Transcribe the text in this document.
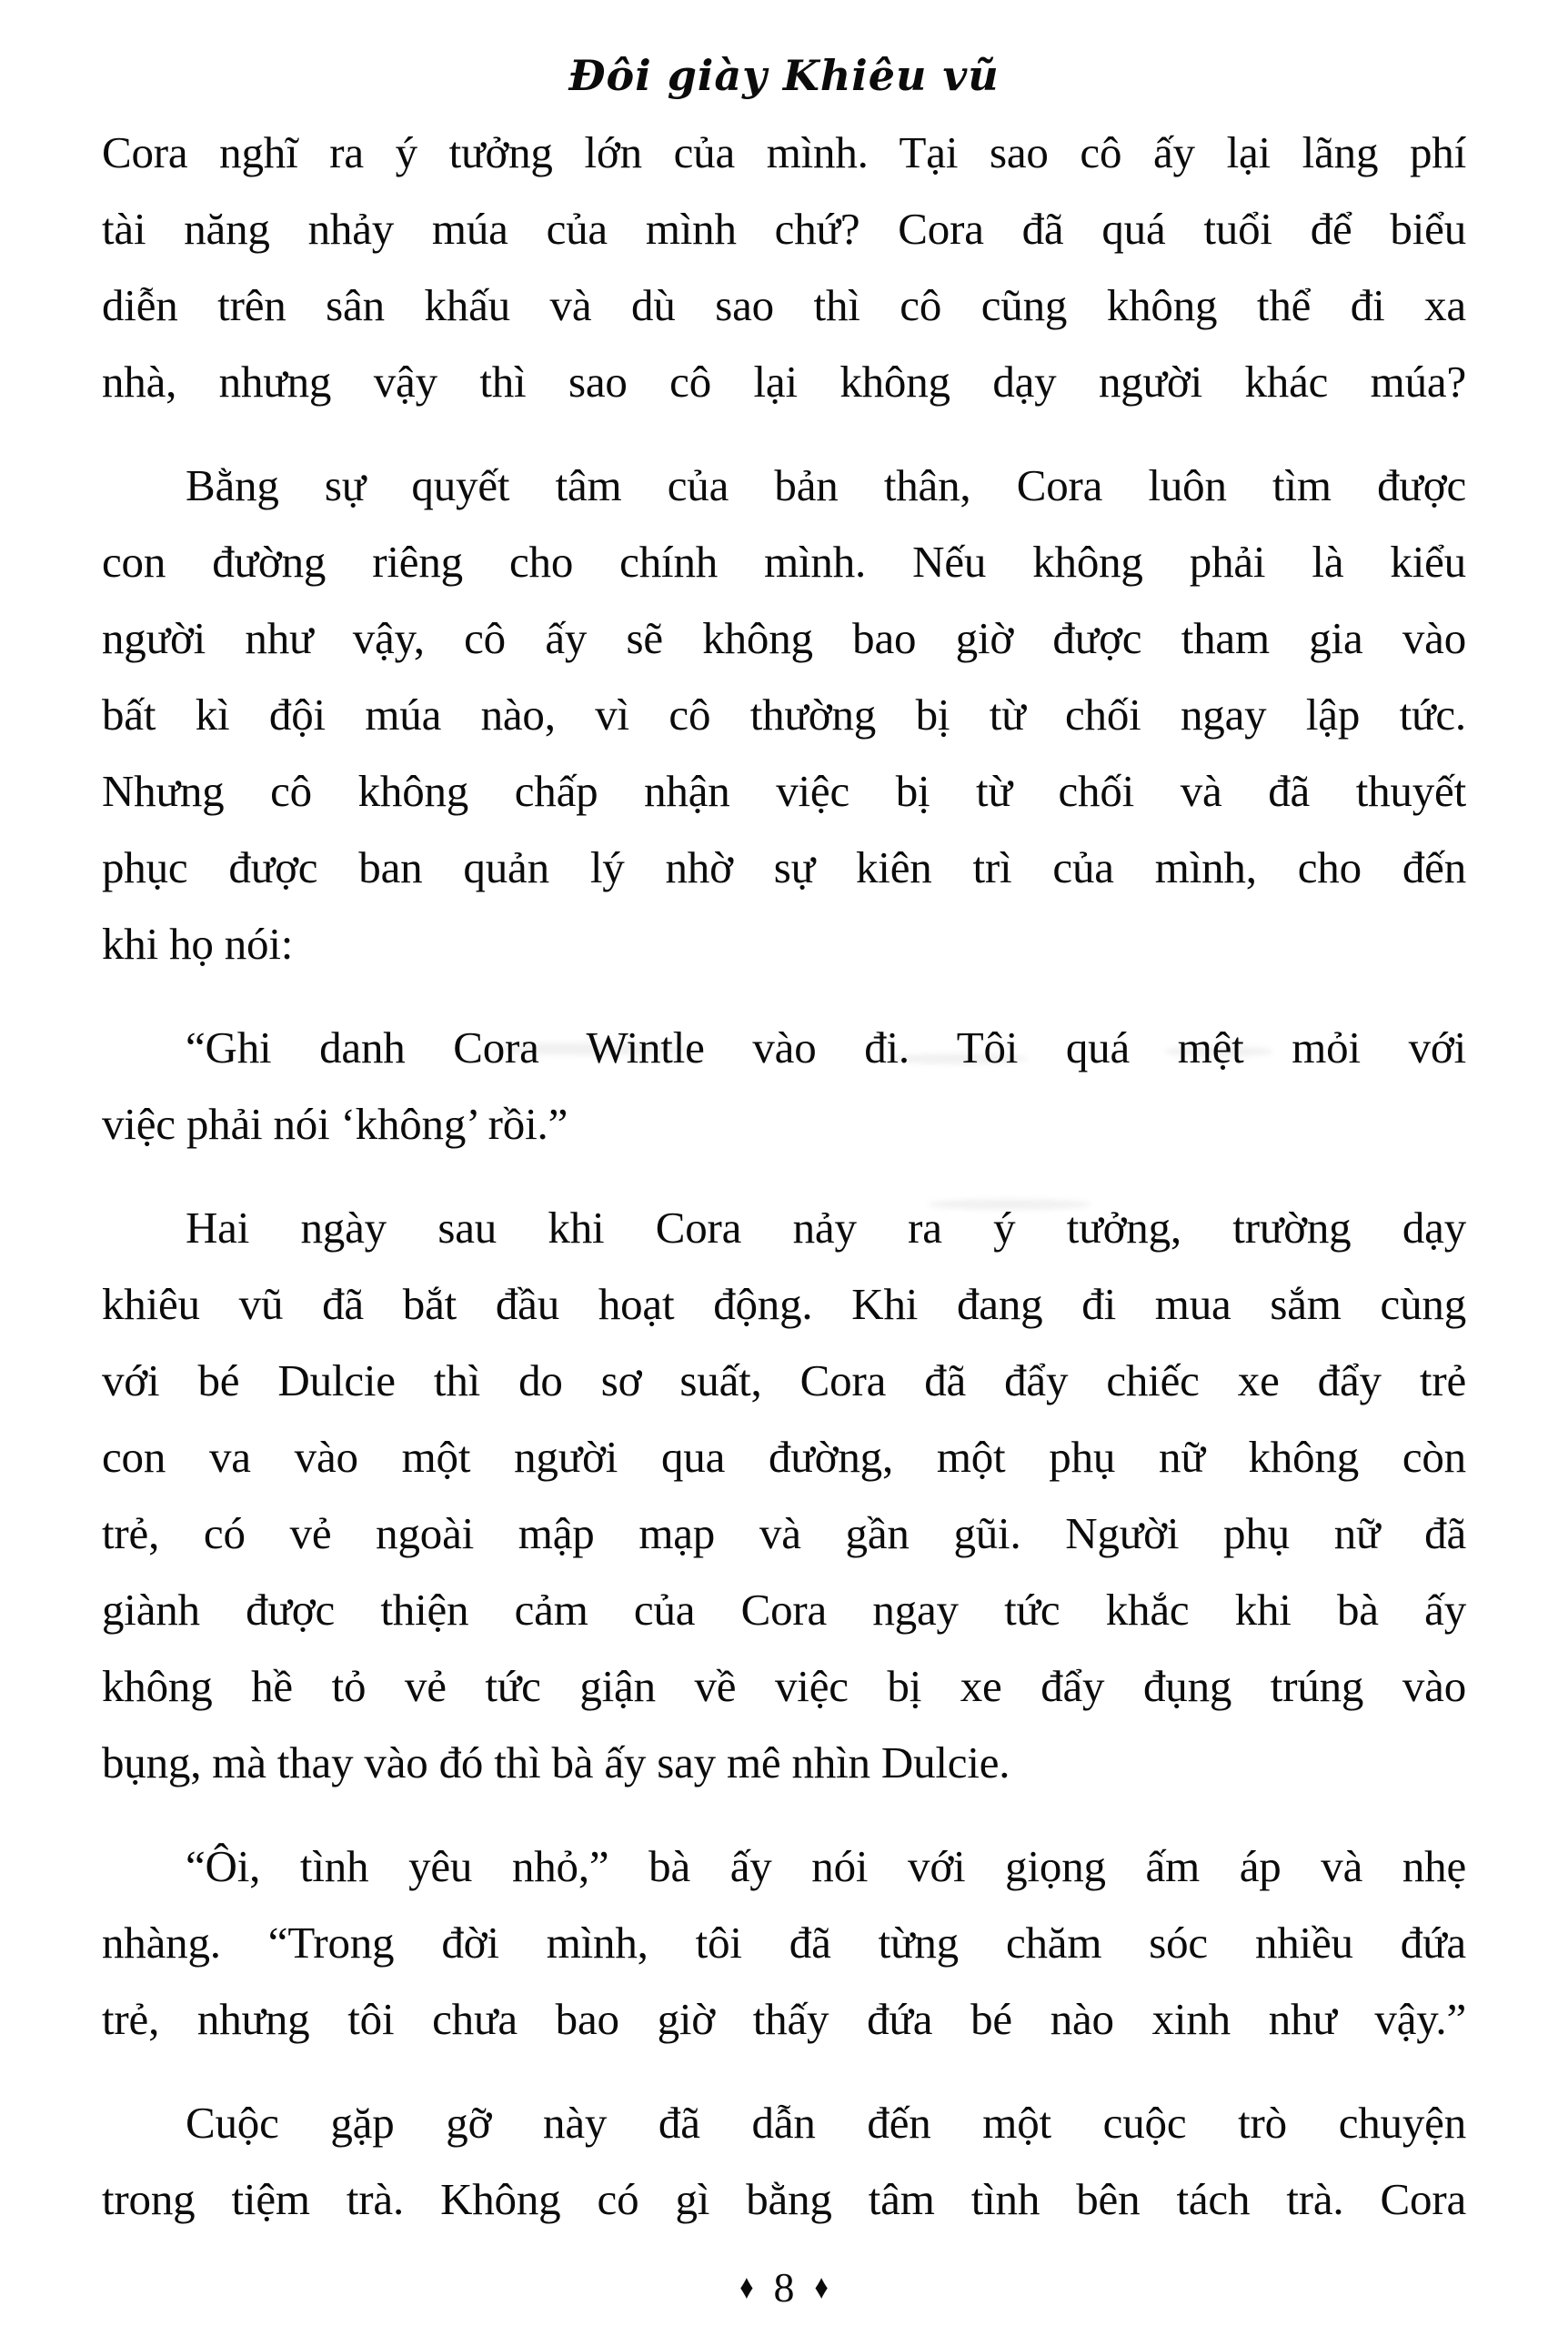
Đôi giày Khiêu vũ
Cora nghĩ ra ý tưởng lớn của mình. Tại sao cô ấy lại lãng phí
tài năng nhảy múa của mình chứ? Cora đã quá tuổi để biểu
diễn trên sân khấu và dù sao thì cô cũng không thể đi xa
nhà, nhưng vậy thì sao cô lại không dạy người khác múa?
Bằng sự quyết tâm của bản thân, Cora luôn tìm được
con đường riêng cho chính mình. Nếu không phải là kiểu
người như vậy, cô ấy sẽ không bao giờ được tham gia vào
bất kì đội múa nào, vì cô thường bị từ chối ngay lập tức.
Nhưng cô không chấp nhận việc bị từ chối và đã thuyết
phục được ban quản lý nhờ sự kiên trì của mình, cho đến
khi họ nói:
“Ghi danh Cora Wintle vào đi. Tôi quá mệt mỏi với
việc phải nói ‘không’ rồi.”
Hai ngày sau khi Cora nảy ra ý tưởng, trường dạy
khiêu vũ đã bắt đầu hoạt động. Khi đang đi mua sắm cùng
với bé Dulcie thì do sơ suất, Cora đã đẩy chiếc xe đẩy trẻ
con va vào một người qua đường, một phụ nữ không còn
trẻ, có vẻ ngoài mập mạp và gần gũi. Người phụ nữ đã
giành được thiện cảm của Cora ngay tức khắc khi bà ấy
không hề tỏ vẻ tức giận về việc bị xe đẩy đụng trúng vào
bụng, mà thay vào đó thì bà ấy say mê nhìn Dulcie.
“Ôi, tình yêu nhỏ,” bà ấy nói với giọng ấm áp và nhẹ
nhàng. “Trong đời mình, tôi đã từng chăm sóc nhiều đứa
trẻ, nhưng tôi chưa bao giờ thấy đứa bé nào xinh như vậy.”
Cuộc gặp gỡ này đã dẫn đến một cuộc trò chuyện
trong tiệm trà. Không có gì bằng tâm tình bên tách trà. Cora
♦ 8 ♦
